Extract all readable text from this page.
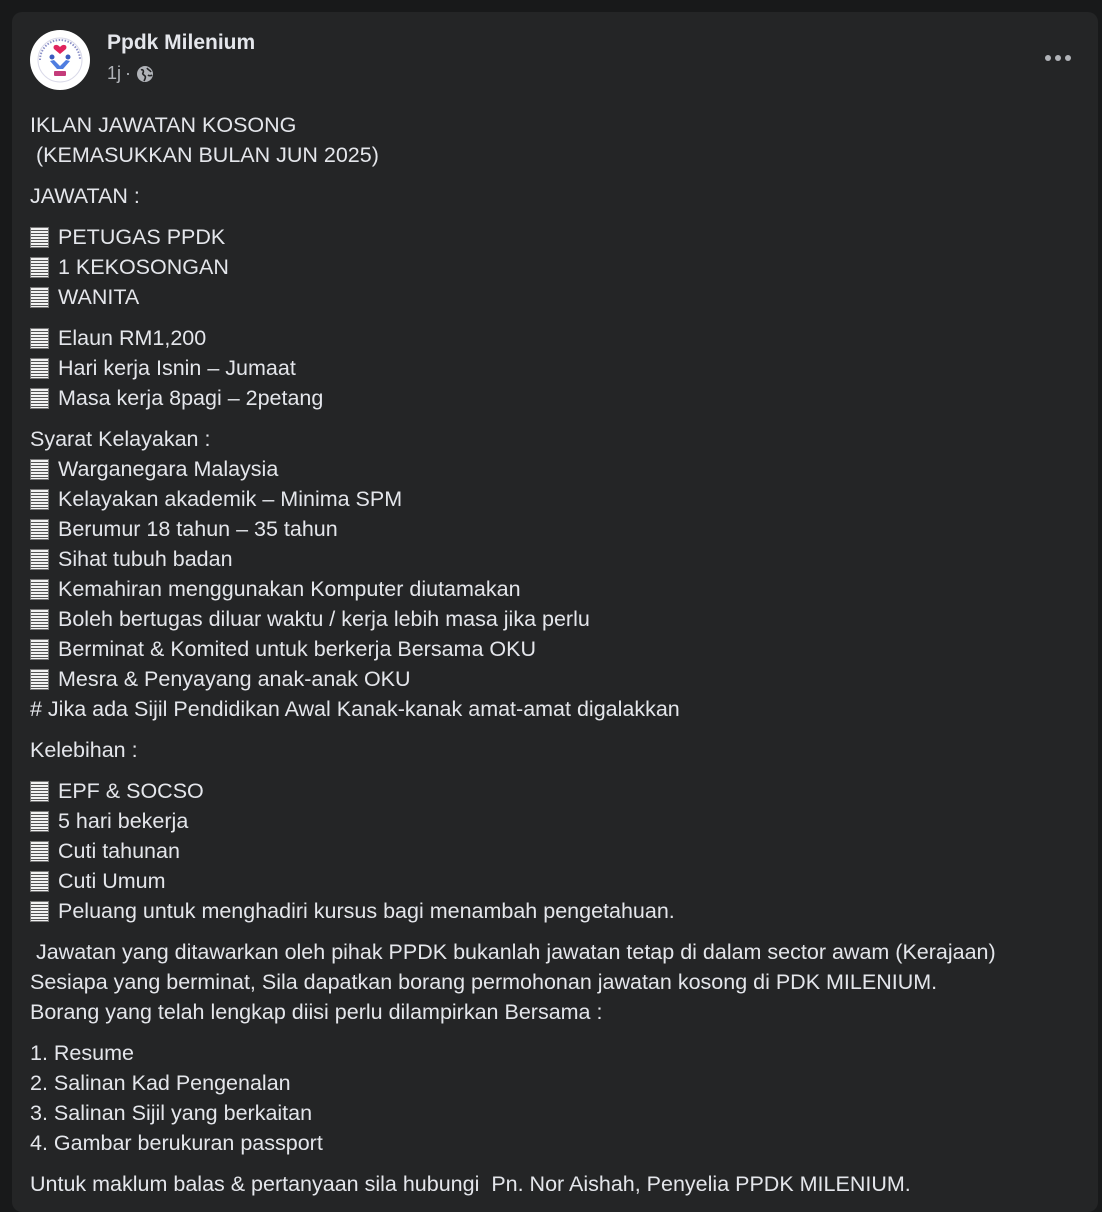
Ppdk Milenium
1j ·
IKLAN JAWATAN KOSONG
(KEMASUKKAN BULAN JUN 2025)
JAWATAN :
PETUGAS PPDK
1 KEKOSONGAN
WANITA
Elaun RM1,200
Hari kerja Isnin – Jumaat
Masa kerja 8pagi – 2petang
Syarat Kelayakan :
Warganegara Malaysia
Kelayakan akademik – Minima SPM
Berumur 18 tahun – 35 tahun
Sihat tubuh badan
Kemahiran menggunakan Komputer diutamakan
Boleh bertugas diluar waktu / kerja lebih masa jika perlu
Berminat & Komited untuk berkerja Bersama OKU
Mesra & Penyayang anak-anak OKU
# Jika ada Sijil Pendidikan Awal Kanak-kanak amat-amat digalakkan
Kelebihan :
EPF & SOCSO
5 hari bekerja
Cuti tahunan
Cuti Umum
Peluang untuk menghadiri kursus bagi menambah pengetahuan.
Jawatan yang ditawarkan oleh pihak PPDK bukanlah jawatan tetap di dalam sector awam (Kerajaan)
Sesiapa yang berminat, Sila dapatkan borang permohonan jawatan kosong di PDK MILENIUM.
Borang yang telah lengkap diisi perlu dilampirkan Bersama :
1. Resume
2. Salinan Kad Pengenalan
3. Salinan Sijil yang berkaitan
4. Gambar berukuran passport
Untuk maklum balas & pertanyaan sila hubungi  Pn. Nor Aishah, Penyelia PPDK MILENIUM.
